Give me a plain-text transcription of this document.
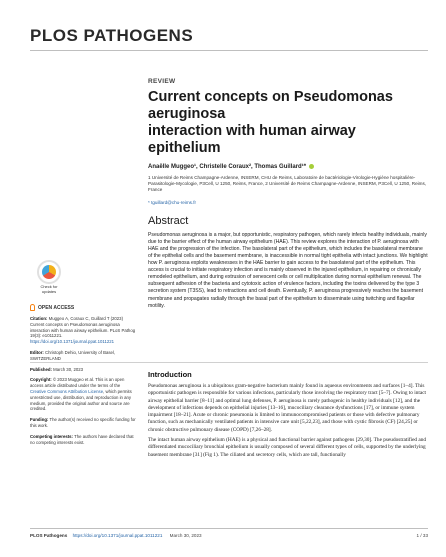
PLOS PATHOGENS
REVIEW
Current concepts on Pseudomonas aeruginosa
interaction with human airway epithelium
Anaëlle Muggeo¹, Christelle Coraux², Thomas Guillard¹*
1 Université de Reims Champagne-Ardenne, INSERM, CHU de Reims, Laboratoire de bactériologie-Virologie-Hygiène hospitalière-Parasitologie-Mycologie, P3Cell, U 1250, Reims, France, 2 Université de Reims Champagne-Ardenne, INSERM, P3Cell, U 1250, Reims, France
* tguillard@chu-reims.fr
Abstract

Pseudomonas aeruginosa is a major, but opportunistic, respiratory pathogen, which rarely infects healthy individuals, mainly due to the barrier effect of the human airway epithelium (HAE). This review explores the interaction of P. aeruginosa with HAE and the progression of the infection. The basolateral part of the epithelium, which includes the basolateral membrane of the epithelial cells and the basement membrane, is inaccessible in normal tight epithelia with intact junctions. We highlight how P. aeruginosa exploits weaknesses in the HAE barrier to gain access to the basolateral part of the epithelium. This access is crucial to initiate respiratory infection and is mainly observed in the injured epithelium, in repairing or chronically remodeled epithelium, and during extrusion of senescent cells or cell multiplication during normal epithelium renewal. The subsequent adhesion of the bacteria and cytotoxic action of virulence factors, including the toxins delivered by the type 3 secretion system (T3SS), lead to retractions and cell death. Eventually, P. aeruginosa progressively reaches the basement membrane and propagates radially through the basal part of the epithelium to disseminate using twitching and flagellar motility.

Check for updates
OPEN ACCESS
Citation: Muggeo A, Coraux C, Guillard T (2023) Current concepts on Pseudomonas aeruginosa interaction with human airway epithelium. PLoS Pathog 19(3): e1011221. https://doi.org/10.1371/journal.ppat.1011221
Editor: Christoph Dehio, University of Basel, SWITZERLAND
Published: March 30, 2023
Copyright: © 2023 Muggeo et al. This is an open access article distributed under the terms of the Creative Commons Attribution License, which permits unrestricted use, distribution, and reproduction in any medium, provided the original author and source are credited.
Funding: The author(s) received no specific funding for this work.
Competing interests: The authors have declared that no competing interests exist.
Introduction

Pseudomonas aeruginosa is a ubiquitous gram-negative bacterium mainly found in aqueous environments and surfaces [1–4]. This opportunistic pathogen is responsible for various infections, particularly those involving the respiratory tract [5–7]. Owing to intact airway epithelial barrier [8–11] and optimal lung defenses, P. aeruginosa is rarely pathogenic in healthy individuals [12], and the development of infections depends on epithelial injuries [13–16], mucociliary clearance dysfunctions [17], or immune system impairment [18–21]. Acute or chronic pneumonia is limited to immunocompromised patients or those with defective pulmonary function, such as mechanically ventilated patients in intensive care unit [5,22,23], and those with cystic fibrosis (CF) [24,25] or chronic obstructive pulmonary disease (COPD) [7,26–28].

The intact human airway epithelium (HAE) is a physical and functional barrier against pathogens [29,30]. The pseudostratified and differentiated mucociliary bronchial epithelium is usually composed of several different types of cells, supported by the underlying basement membrane [31] (Fig 1). The ciliated and secretory cells, which are tall, functionally

PLOS Pathogens https://doi.org/10.1371/journal.ppat.1011221 March 30, 2023	1 / 33
